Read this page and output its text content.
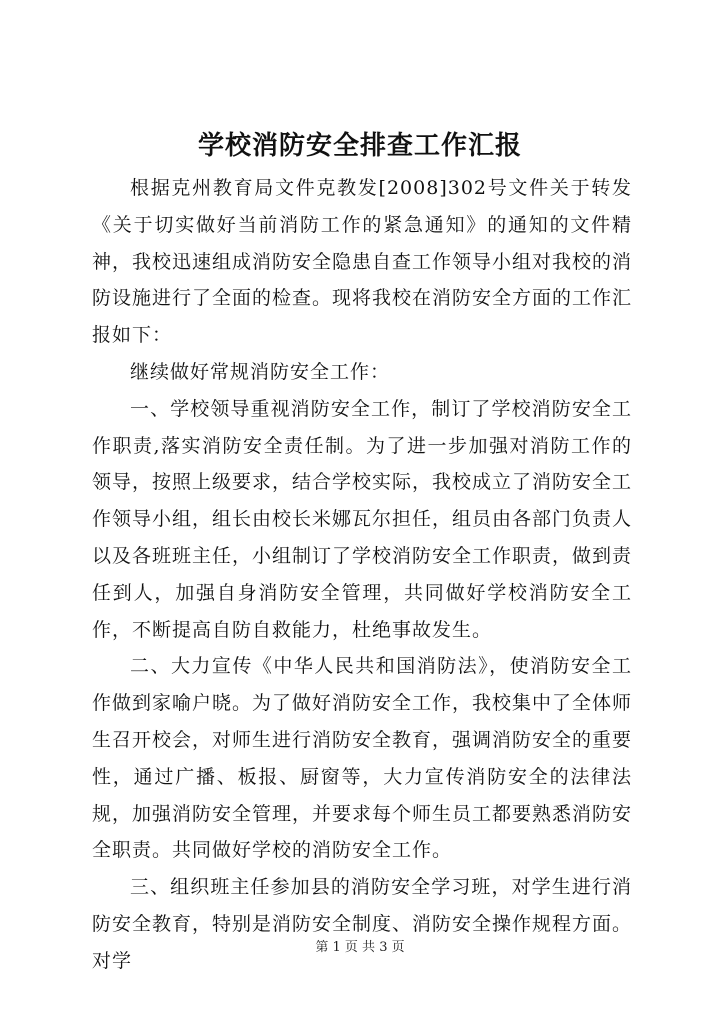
学校消防安全排查工作汇报

根据克州教育局文件克教发[2008]302号文件关于转发《关于切实做好当前消防工作的紧急通知》的通知的文件精神，我校迅速组成消防安全隐患自查工作领导小组对我校的消防设施进行了全面的检查。现将我校在消防安全方面的工作汇报如下：

继续做好常规消防安全工作：

一、学校领导重视消防安全工作，制订了学校消防安全工作职责,落实消防安全责任制。为了进一步加强对消防工作的领导，按照上级要求，结合学校实际，我校成立了消防安全工作领导小组，组长由校长米娜瓦尔担任，组员由各部门负责人以及各班班主任，小组制订了学校消防安全工作职责，做到责任到人，加强自身消防安全管理，共同做好学校消防安全工作，不断提高自防自救能力，杜绝事故发生。

二、大力宣传《中华人民共和国消防法》，使消防安全工作做到家喻户晓。为了做好消防安全工作，我校集中了全体师生召开校会，对师生进行消防安全教育，强调消防安全的重要性，通过广播、板报、厨窗等，大力宣传消防安全的法律法规，加强消防安全管理，并要求每个师生员工都要熟悉消防安全职责。共同做好学校的消防安全工作。

三、组织班主任参加县的消防安全学习班，对学生进行消防安全教育，特别是消防安全制度、消防安全操作规程方面。对学

第 1 页 共 3 页
